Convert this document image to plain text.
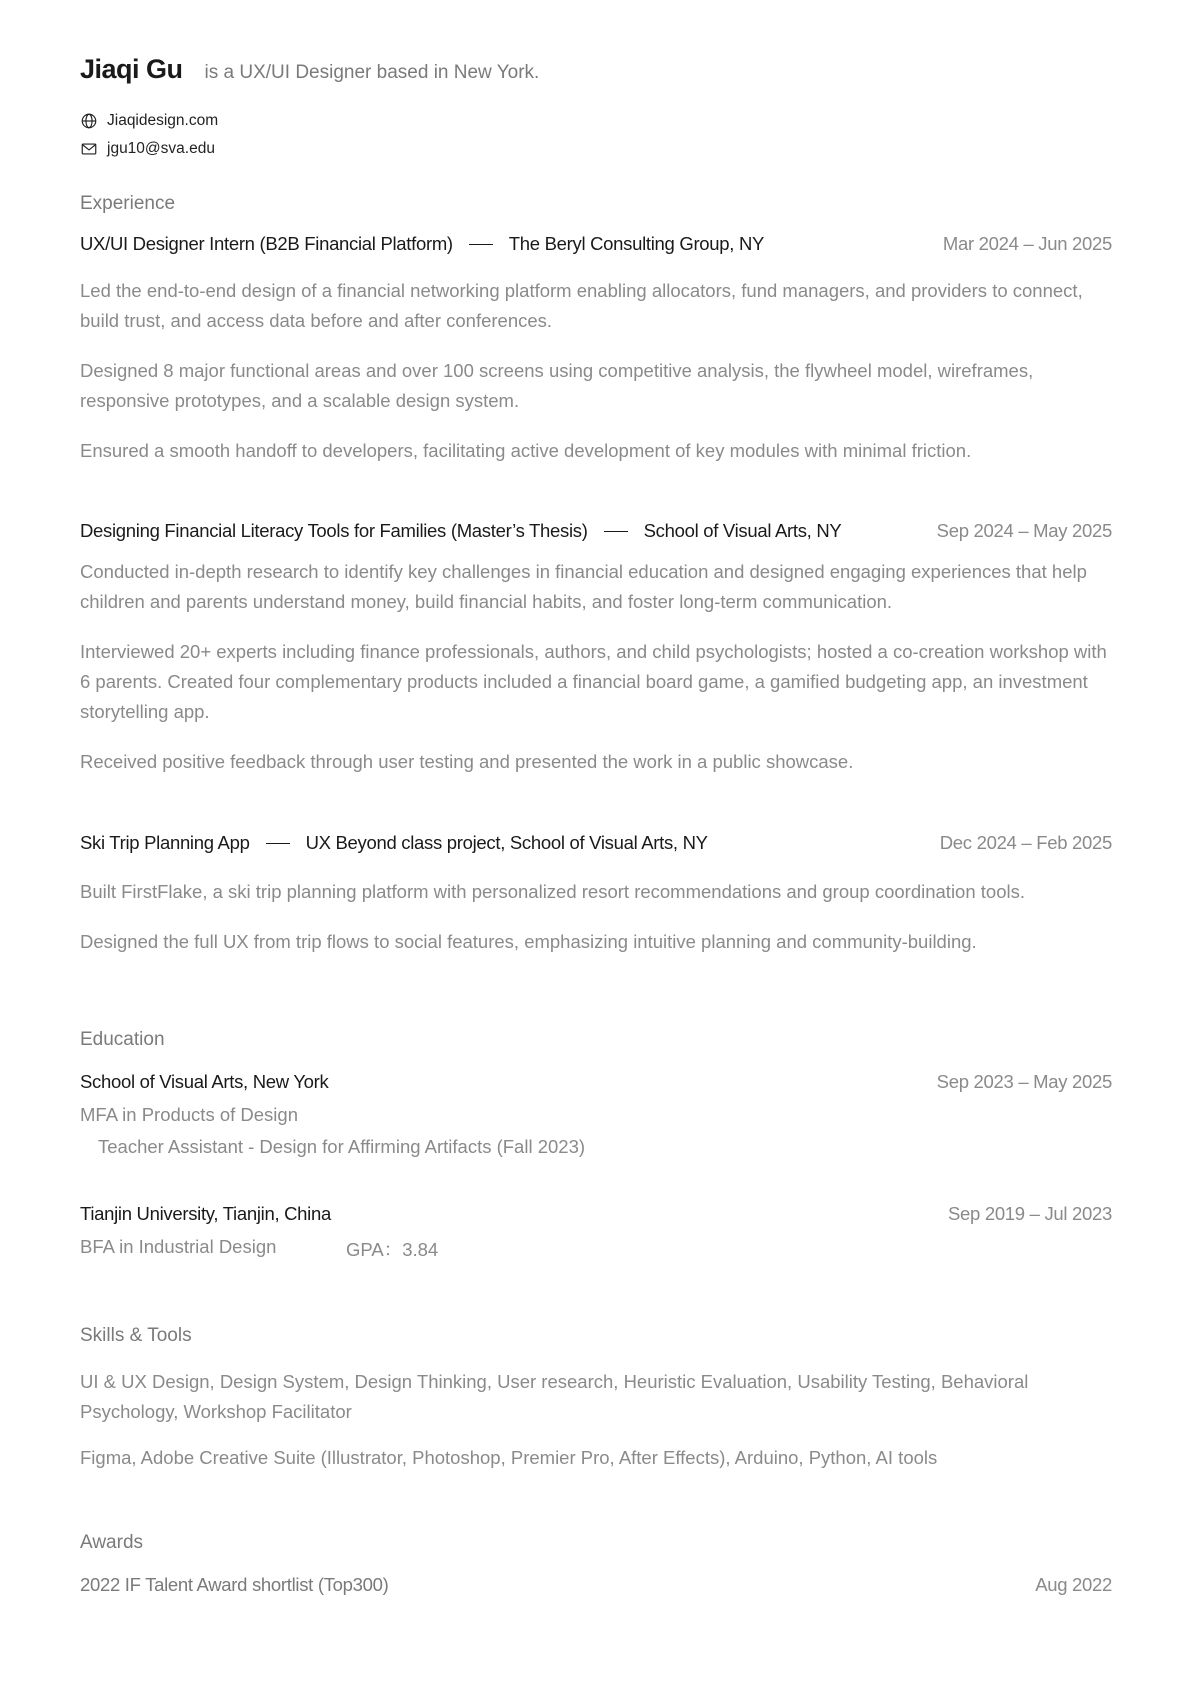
Jiaqi Gu is a UX/UI Designer based in New York.
Jiaqidesign.com
jgu10@sva.edu
Experience
UX/UI Designer Intern (B2B Financial Platform)	The Beryl Consulting Group, NY	Mar 2024 – Jun 2025

Led the end-to-end design of a financial networking platform enabling allocators, fund managers, and providers to connect, build trust, and access data before and after conferences.

Designed 8 major functional areas and over 100 screens using competitive analysis, the flywheel model, wireframes, responsive prototypes, and a scalable design system.

Ensured a smooth handoff to developers, facilitating active development of key modules with minimal friction.

Designing Financial Literacy Tools for Families (Master’s Thesis)	School of Visual Arts, NY	Sep 2024 – May 2025

Conducted in-depth research to identify key challenges in financial education and designed engaging experiences that help children and parents understand money, build financial habits, and foster long-term communication.

Interviewed 20+ experts including finance professionals, authors, and child psychologists; hosted a co-creation workshop with 6 parents. Created four complementary products included a financial board game, a gamified budgeting app, an investment storytelling app.

Received positive feedback through user testing and presented the work in a public showcase.

Ski Trip Planning App	UX Beyond class project, School of Visual Arts, NY	Dec 2024 – Feb 2025

Built FirstFlake, a ski trip planning platform with personalized resort recommendations and group coordination tools.

Designed the full UX from trip flows to social features, emphasizing intuitive planning and community-building.

Education
School of Visual Arts, New York	Sep 2023 – May 2025
MFA in Products of Design
Teacher Assistant - Design for Affirming Artifacts (Fall 2023)
Tianjin University, Tianjin, China	Sep 2019 – Jul 2023
BFA in Industrial Design	GPA：3.84
Skills & Tools

UI & UX Design, Design System, Design Thinking, User research, Heuristic Evaluation, Usability Testing, Behavioral Psychology, Workshop Facilitator

Figma, Adobe Creative Suite (Illustrator, Photoshop, Premier Pro, After Effects), Arduino, Python, AI tools

Awards
2022 IF Talent Award shortlist (Top300)	Aug 2022
